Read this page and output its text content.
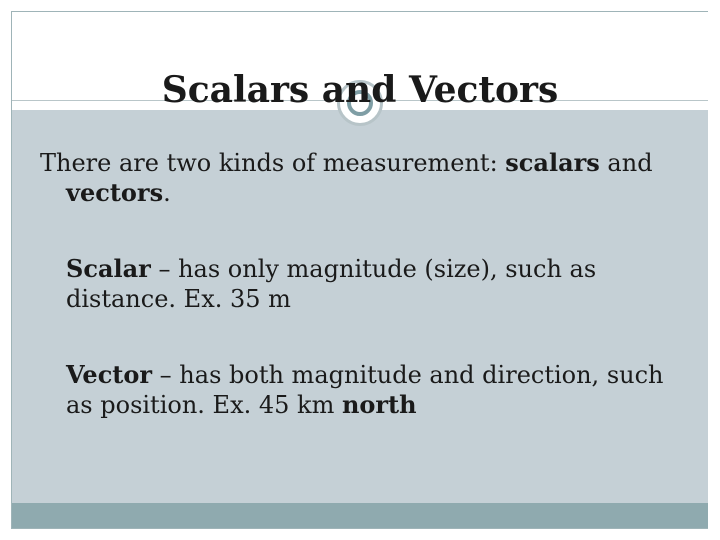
Scalars and Vectors

There are two kinds of measurement: scalars and vectors.

Scalar – has only magnitude (size), such as distance. Ex. 35 m

Vector – has both magnitude and direction, such as position. Ex. 45 km north
